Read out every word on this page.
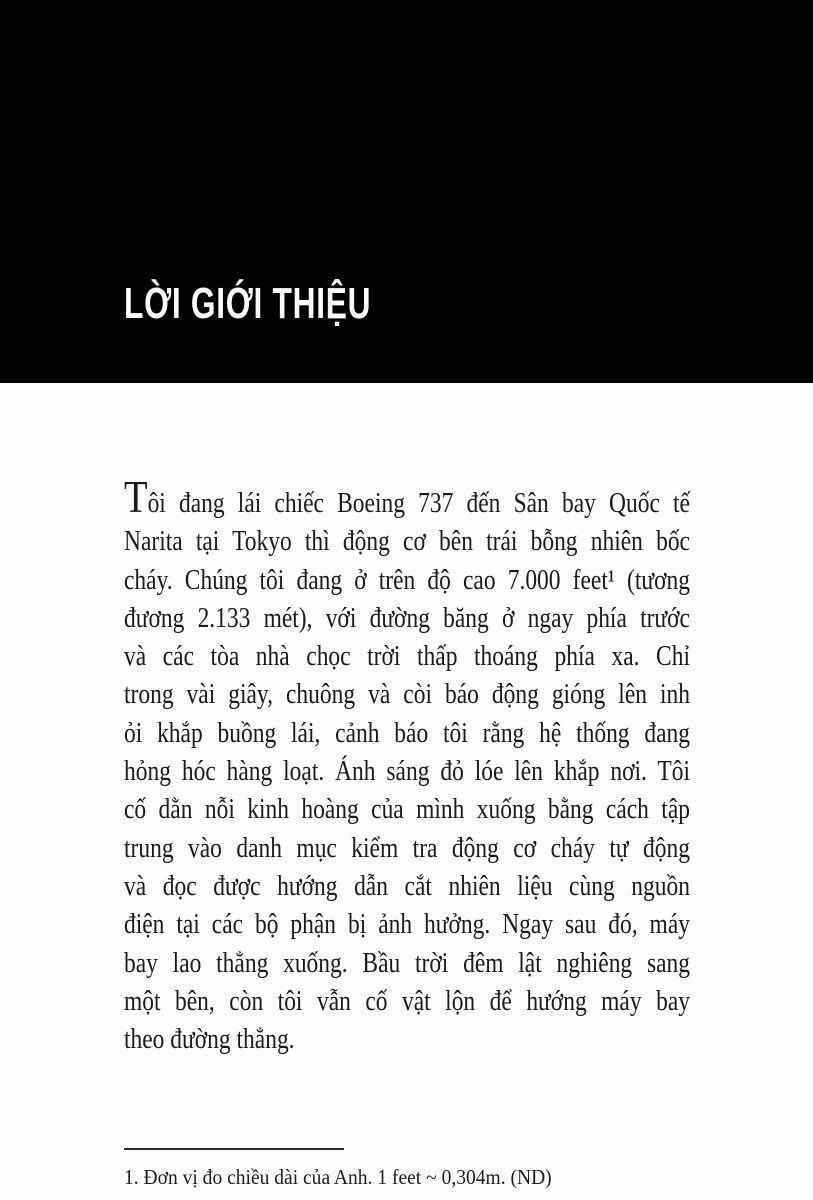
LỜI GIỚI THIỆU
Tôi đang lái chiếc Boeing 737 đến Sân bay Quốc tế
Narita tại Tokyo thì động cơ bên trái bỗng nhiên bốc
cháy. Chúng tôi đang ở trên độ cao 7.000 feet¹ (tương
đương 2.133 mét), với đường băng ở ngay phía trước
và các tòa nhà chọc trời thấp thoáng phía xa. Chỉ
trong vài giây, chuông và còi báo động gióng lên inh
ỏi khắp buồng lái, cảnh báo tôi rằng hệ thống đang
hỏng hóc hàng loạt. Ánh sáng đỏ lóe lên khắp nơi. Tôi
cố dằn nỗi kinh hoàng của mình xuống bằng cách tập
trung vào danh mục kiểm tra động cơ cháy tự động
và đọc được hướng dẫn cắt nhiên liệu cùng nguồn
điện tại các bộ phận bị ảnh hưởng. Ngay sau đó, máy
bay lao thẳng xuống. Bầu trời đêm lật nghiêng sang
một bên, còn tôi vẫn cố vật lộn để hướng máy bay
theo đường thẳng.

1. Đơn vị đo chiều dài của Anh. 1 feet ~ 0,304m. (ND)
